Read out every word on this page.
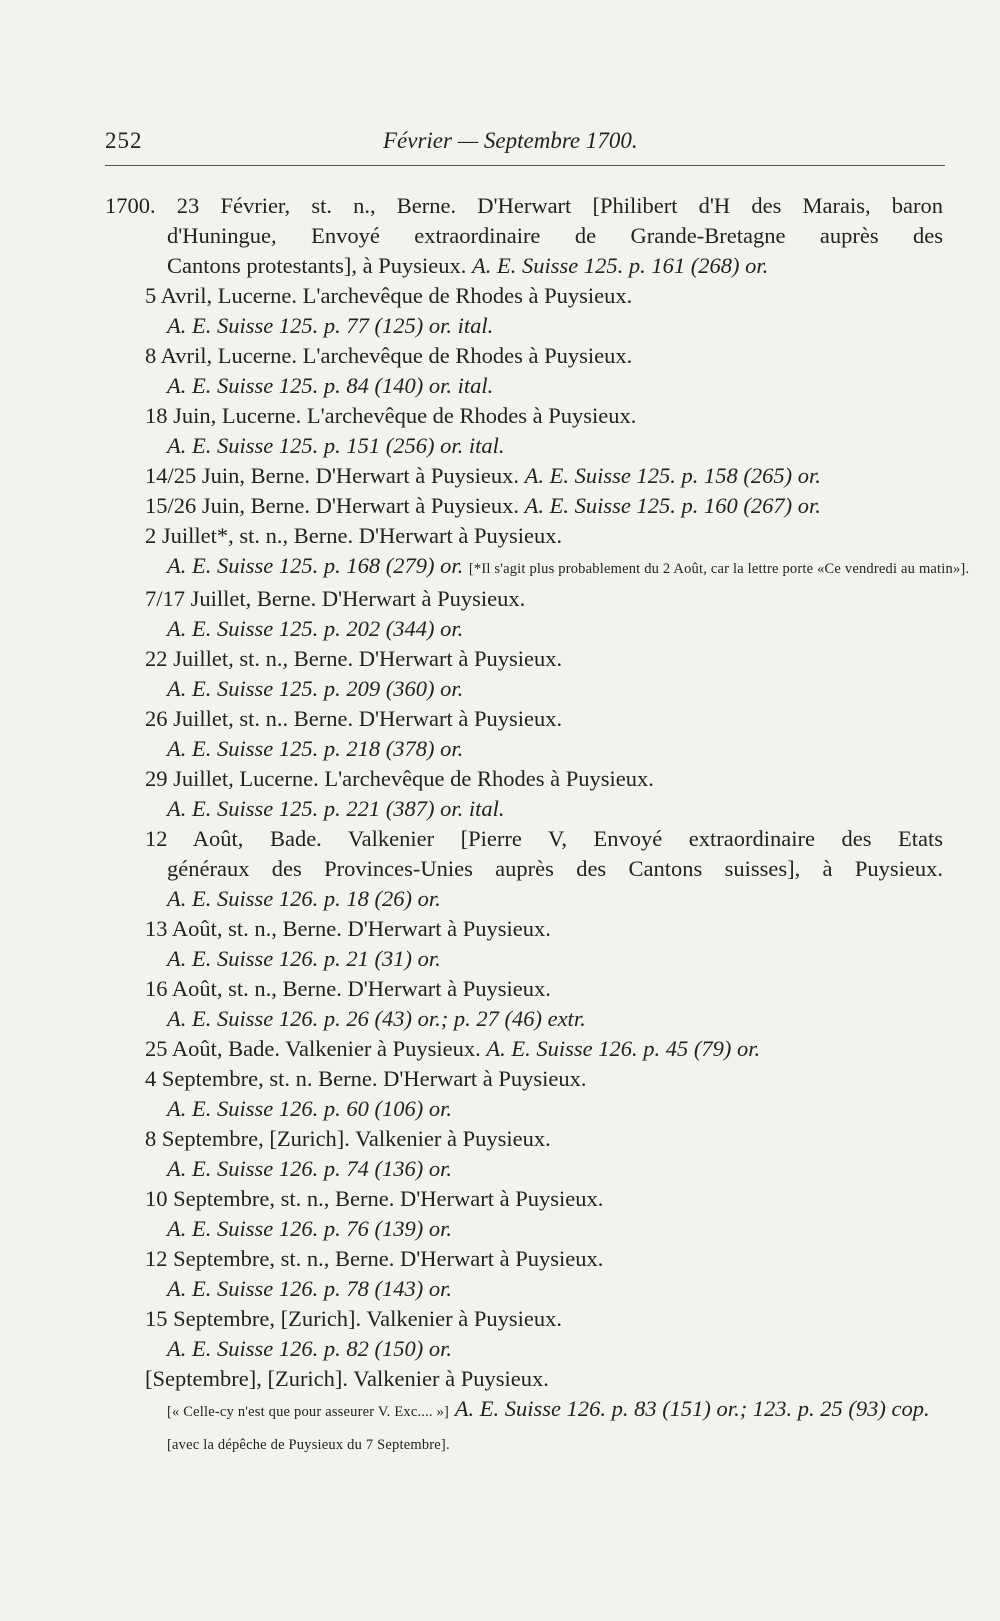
252	Février — Septembre 1700.
1700. 23 Février, st. n., Berne. D'Herwart [Philibert d'H des Marais, baron
d'Huningue, Envoyé extraordinaire de Grande-Bretagne auprès des
Cantons protestants], à Puysieux. A. E. Suisse 125. p. 161 (268) or.
5 Avril, Lucerne. L'archevêque de Rhodes à Puysieux.
A. E. Suisse 125. p. 77 (125) or. ital.
8 Avril, Lucerne. L'archevêque de Rhodes à Puysieux.
A. E. Suisse 125. p. 84 (140) or. ital.
18 Juin, Lucerne. L'archevêque de Rhodes à Puysieux.
A. E. Suisse 125. p. 151 (256) or. ital.
14/25 Juin, Berne. D'Herwart à Puysieux. A. E. Suisse 125. p. 158 (265) or.
15/26 Juin, Berne. D'Herwart à Puysieux. A. E. Suisse 125. p. 160 (267) or.
2 Juillet*, st. n., Berne. D'Herwart à Puysieux.
A. E. Suisse 125. p. 168 (279) or. [*Il s'agit plus probablement du 2 Août, car la lettre porte «Ce vendredi au matin»].
7/17 Juillet, Berne. D'Herwart à Puysieux.
A. E. Suisse 125. p. 202 (344) or.
22 Juillet, st. n., Berne. D'Herwart à Puysieux.
A. E. Suisse 125. p. 209 (360) or.
26 Juillet, st. n.. Berne. D'Herwart à Puysieux.
A. E. Suisse 125. p. 218 (378) or.
29 Juillet, Lucerne. L'archevêque de Rhodes à Puysieux.
A. E. Suisse 125. p. 221 (387) or. ital.
12 Août, Bade. Valkenier [Pierre V, Envoyé extraordinaire des Etats
généraux des Provinces-Unies auprès des Cantons suisses], à Puysieux.
A. E. Suisse 126. p. 18 (26) or.
13 Août, st. n., Berne. D'Herwart à Puysieux.
A. E. Suisse 126. p. 21 (31) or.
16 Août, st. n., Berne. D'Herwart à Puysieux.
A. E. Suisse 126. p. 26 (43) or.; p. 27 (46) extr.
25 Août, Bade. Valkenier à Puysieux. A. E. Suisse 126. p. 45 (79) or.
4 Septembre, st. n. Berne. D'Herwart à Puysieux.
A. E. Suisse 126. p. 60 (106) or.
8 Septembre, [Zurich]. Valkenier à Puysieux.
A. E. Suisse 126. p. 74 (136) or.
10 Septembre, st. n., Berne. D'Herwart à Puysieux.
A. E. Suisse 126. p. 76 (139) or.
12 Septembre, st. n., Berne. D'Herwart à Puysieux.
A. E. Suisse 126. p. 78 (143) or.
15 Septembre, [Zurich]. Valkenier à Puysieux.
A. E. Suisse 126. p. 82 (150) or.
[Septembre], [Zurich]. Valkenier à Puysieux.
[« Celle-cy n'est que pour asseurer V. Exc.... »] A. E. Suisse 126. p. 83 (151) or.; 123. p. 25 (93) cop.
[avec la dépêche de Puysieux du 7 Septembre].
